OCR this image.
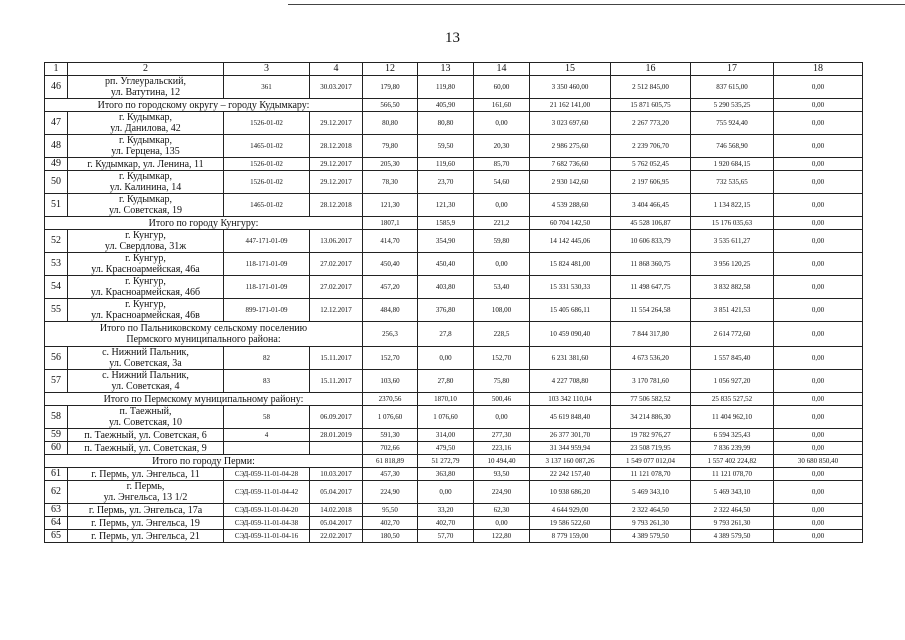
13
1	2	3	4	12	13	14	15	16	17	18
46	рп. Углеуральский,
ул. Ватутина, 12	361	30.03.2017	179,80	119,80	60,00	3 350 460,00	2 512 845,00	837 615,00	0,00

Итого по городскому округу – городу Кудымкару:				566,50	405,90	161,60	21 162 141,00	15 871 605,75	5 290 535,25	0,00
47	г. Кудымкар,
ул. Данилова, 42	1526-01-02	29.12.2017	80,80	80,80	0,00	3 023 697,60	2 267 773,20	755 924,40	0,00
48	г. Кудымкар,
ул. Герцена, 135	1465-01-02	28.12.2018	79,80	59,50	20,30	2 986 275,60	2 239 706,70	746 568,90	0,00
49	г. Кудымкар, ул. Ленина, 11	1526-01-02	29.12.2017	205,30	119,60	85,70	7 682 736,60	5 762 052,45	1 920 684,15	0,00
50	г. Кудымкар,
ул. Калинина, 14	1526-01-02	29.12.2017	78,30	23,70	54,60	2 930 142,60	2 197 606,95	732 535,65	0,00
51	г. Кудымкар,
ул. Советская, 19	1465-01-02	28.12.2018	121,30	121,30	0,00	4 539 288,60	3 404 466,45	1 134 822,15	0,00

Итого по городу Кунгуру:				1807,1	1585,9	221,2	60 704 142,50	45 528 106,87	15 176 035,63	0,00
52	г. Кунгур,
ул. Свердлова, 31ж	447-171-01-09	13.06.2017	414,70	354,90	59,80	14 142 445,06	10 606 833,79	3 535 611,27	0,00
53	г. Кунгур,
ул. Красноармейская, 46а	118-171-01-09	27.02.2017	450,40	450,40	0,00	15 824 481,00	11 868 360,75	3 956 120,25	0,00
54	г. Кунгур,
ул. Красноармейская, 46б	118-171-01-09	27.02.2017	457,20	403,80	53,40	15 331 530,33	11 498 647,75	3 832 882,58	0,00
55	г. Кунгур,
ул. Красноармейская, 46в	899-171-01-09	12.12.2017	484,80	376,80	108,00	15 405 686,11	11 554 264,58	3 851 421,53	0,00

Итого по Пальниковскому сельскому поселению
Пермского муниципального района:				256,3	27,8	228,5	10 459 090,40	7 844 317,80	2 614 772,60	0,00
56	с. Нижний Пальник,
ул. Советская, 3а	82	15.11.2017	152,70	0,00	152,70	6 231 381,60	4 673 536,20	1 557 845,40	0,00
57	с. Нижний Пальник,
ул. Советская, 4	83	15.11.2017	103,60	27,80	75,80	4 227 708,80	3 170 781,60	1 056 927,20	0,00

Итого по Пермскому муниципальному району:				2370,56	1870,10	500,46	103 342 110,04	77 506 582,52	25 835 527,52	0,00
58	п. Таежный,
ул. Советская, 10	58	06.09.2017	1 076,60	1 076,60	0,00	45 619 848,40	34 214 886,30	11 404 962,10	0,00
59	п. Таежный, ул. Советская, 6	4	28.01.2019	591,30	314,00	277,30	26 377 301,70	19 782 976,27	6 594 325,43	0,00
60	п. Таежный, ул. Советская, 9			702,66	479,50	223,16	31 344 959,94	23 508 719,95	7 836 239,99	0,00

Итого по городу Перми:				61 818,89	51 272,79	10 494,40	3 137 160 087,26	1 549 077 012,04	1 557 402 224,82	30 680 850,40
61	г. Пермь, ул. Энгельса, 11	СЭД-059-11-01-04-28	10.03.2017	457,30	363,80	93,50	22 242 157,40	11 121 078,70	11 121 078,70	0,00
62	г. Пермь,
ул. Энгельса, 13 1/2	СЭД-059-11-01-04-42	05.04.2017	224,90	0,00	224,90	10 938 686,20	5 469 343,10	5 469 343,10	0,00
63	г. Пермь, ул. Энгельса, 17а	СЭД-059-11-01-04-20	14.02.2018	95,50	33,20	62,30	4 644 929,00	2 322 464,50	2 322 464,50	0,00
64	г. Пермь, ул. Энгельса, 19	СЭД-059-11-01-04-38	05.04.2017	402,70	402,70	0,00	19 586 522,60	9 793 261,30	9 793 261,30	0,00
65	г. Пермь, ул. Энгельса, 21	СЭД-059-11-01-04-16	22.02.2017	180,50	57,70	122,80	8 779 159,00	4 389 579,50	4 389 579,50	0,00
